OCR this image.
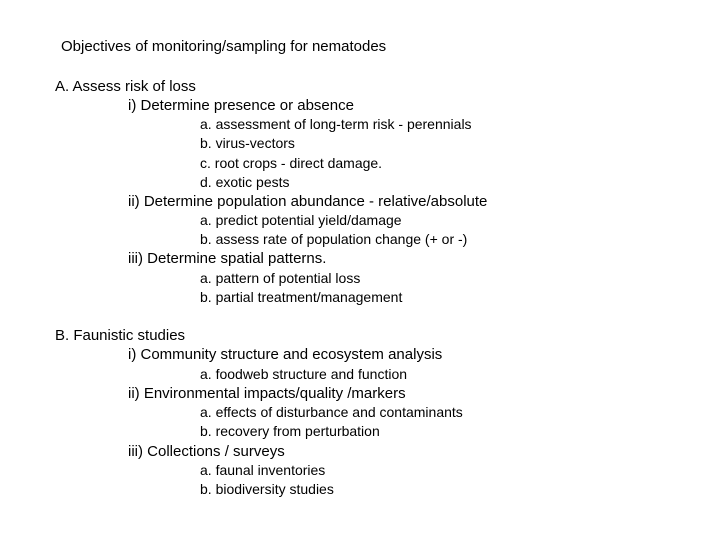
Objectives of monitoring/sampling for nematodes
A. Assess risk of loss
i) Determine presence or absence
a. assessment of long-term risk - perennials
b. virus-vectors
c. root crops - direct damage.
d. exotic pests
ii) Determine population abundance - relative/absolute
a. predict potential yield/damage
b. assess rate of population change (+ or -)
iii) Determine spatial patterns.
a. pattern of potential loss
b. partial treatment/management
B. Faunistic studies
i) Community structure and ecosystem analysis
a. foodweb structure and function
ii) Environmental impacts/quality /markers
a. effects of disturbance and contaminants
b. recovery from perturbation
iii) Collections / surveys
a. faunal inventories
b. biodiversity studies
